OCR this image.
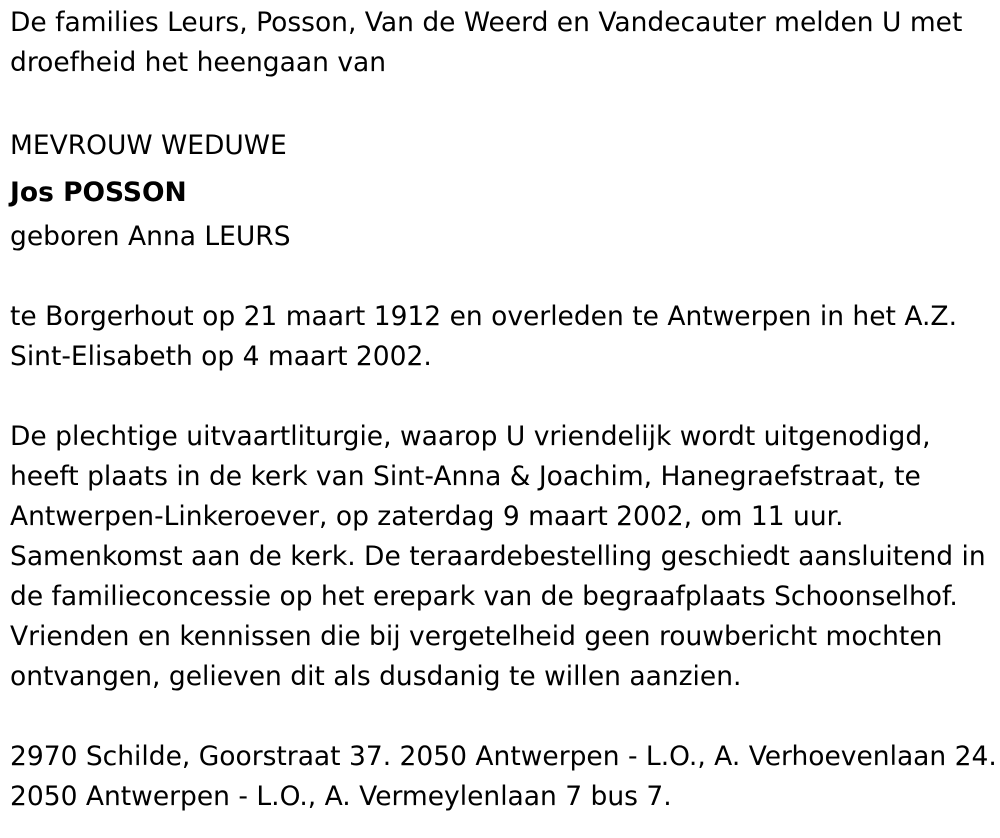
De families Leurs, Posson, Van de Weerd en Vandecauter melden U met
droefheid het heengaan van
MEVROUW WEDUWE
Jos POSSON
geboren Anna LEURS
te Borgerhout op 21 maart 1912 en overleden te Antwerpen in het A.Z.
Sint-Elisabeth op 4 maart 2002.
De plechtige uitvaartliturgie, waarop U vriendelijk wordt uitgenodigd,
heeft plaats in de kerk van Sint-Anna & Joachim, Hanegraefstraat, te
Antwerpen-Linkeroever, op zaterdag 9 maart 2002, om 11 uur.
Samenkomst aan de kerk. De teraardebestelling geschiedt aansluitend in
de familieconcessie op het erepark van de begraafplaats Schoonselhof.
Vrienden en kennissen die bij vergetelheid geen rouwbericht mochten
ontvangen, gelieven dit als dusdanig te willen aanzien.
2970 Schilde, Goorstraat 37. 2050 Antwerpen - L.O., A. Verhoevenlaan 24.
2050 Antwerpen - L.O., A. Vermeylenlaan 7 bus 7.
